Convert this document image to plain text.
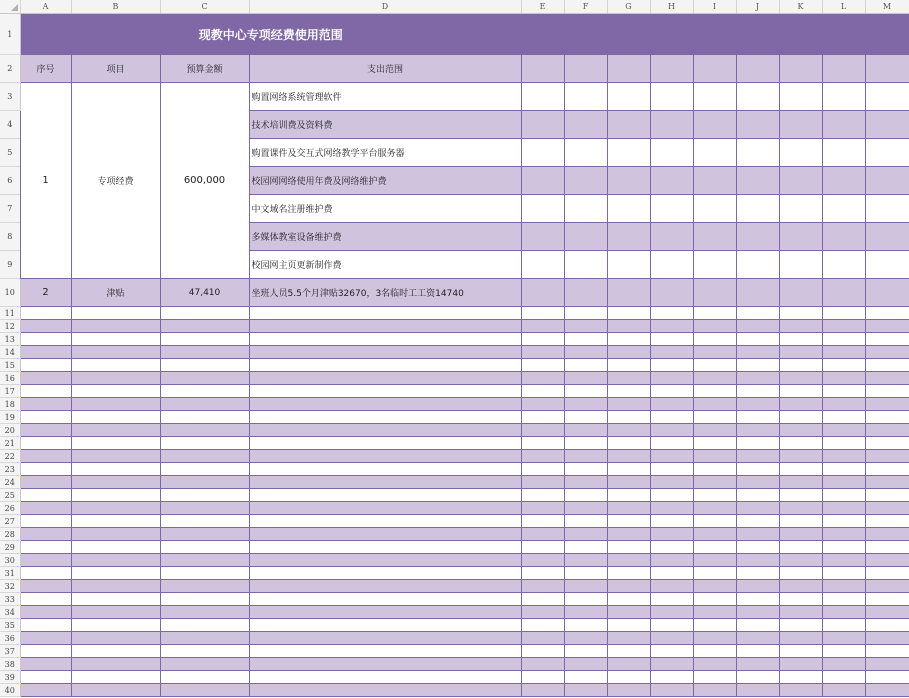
	A	B	C	D	E	F	G	H	I	J	K	L	M
1	现教中心专项经费使用范围												
2	序号	项目	预算金额	支出范围									
3	1	专项经费	600,000	购置网络系统管理软件									
4				技术培训费及资料费									
5				购置课件及交互式网络教学平台服务器									
6				校园网网络使用年费及网络维护费									
7				中文域名注册维护费									
8				多媒体教室设备维护费									
9				校园网主页更新制作费									
10	2	津贴	47,410	坐班人员5.5个月津贴32670，3名临时工工资14740									
11													
12													
13													
14													
15													
16													
17													
18													
19													
20													
21													
22													
23													
24													
25													
26													
27													
28													
29													
30													
31													
32													
33													
34													
35													
36													
37													
38													
39													
40													
